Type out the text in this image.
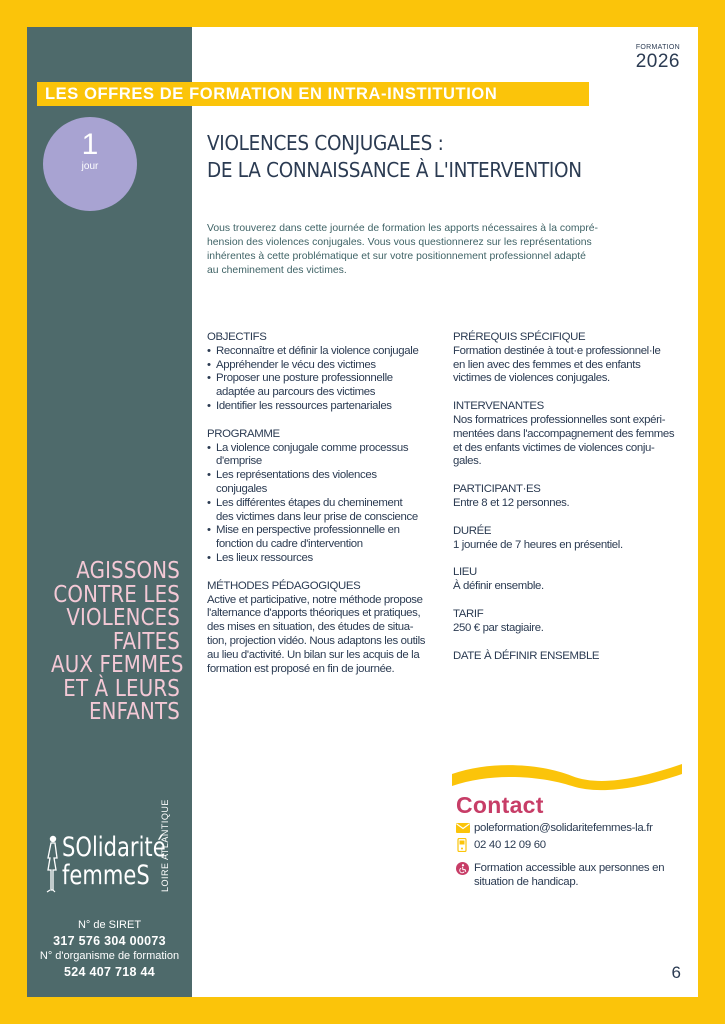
FORMATION
2026
LES OFFRES DE FORMATION EN INTRA-INSTITUTION
1
jour
VIOLENCES CONJUGALES :
DE LA CONNAISSANCE À L'INTERVENTION
Vous trouverez dans cette journée de formation les apports nécessaires à la compré-
hension des violences conjugales. Vous vous questionnerez sur les représentations
inhérentes à cette problématique et sur votre positionnement professionnel adapté
au cheminement des victimes.
OBJECTIFS
• Reconnaître et définir la violence conjugale
• Appréhender le vécu des victimes
• Proposer une posture professionnelle
adaptée au parcours des victimes
• Identifier les ressources partenariales
PROGRAMME
• La violence conjugale comme processus
d'emprise
• Les représentations des violences
conjugales
• Les différentes étapes du cheminement
des victimes dans leur prise de conscience
• Mise en perspective professionnelle en
fonction du cadre d'intervention
• Les lieux ressources
MÉTHODES PÉDAGOGIQUES
Active et participative, notre méthode propose
l'alternance d'apports théoriques et pratiques,
des mises en situation, des études de situa-
tion, projection vidéo. Nous adaptons les outils
au lieu d'activité. Un bilan sur les acquis de la
formation est proposé en fin de journée.
PRÉREQUIS SPÉCIFIQUE
Formation destinée à tout·e professionnel·le
en lien avec des femmes et des enfants
victimes de violences conjugales.
INTERVENANTES
Nos formatrices professionnelles sont expéri-
mentées dans l'accompagnement des femmes
et des enfants victimes de violences conju-
gales.
PARTICIPANT·ES
Entre 8 et 12 personnes.
DURÉE
1 journée de 7 heures en présentiel.
LIEU
À définir ensemble.
TARIF
250 € par stagiaire.
DATE À DÉFINIR ENSEMBLE
AGISSONS
CONTRE LES
VIOLENCES
FAITES
AUX FEMMES
ET À LEURS
ENFANTS
SOlidarité
femmeS LOIRE ATLANTIQUE
N° de SIRET
317 576 304 00073
N° d'organisme de formation
524 407 718 44
Contact
poleformation@solidaritefemmes-la.fr
02 40 12 09 60
Formation accessible aux personnes en
situation de handicap.
6
